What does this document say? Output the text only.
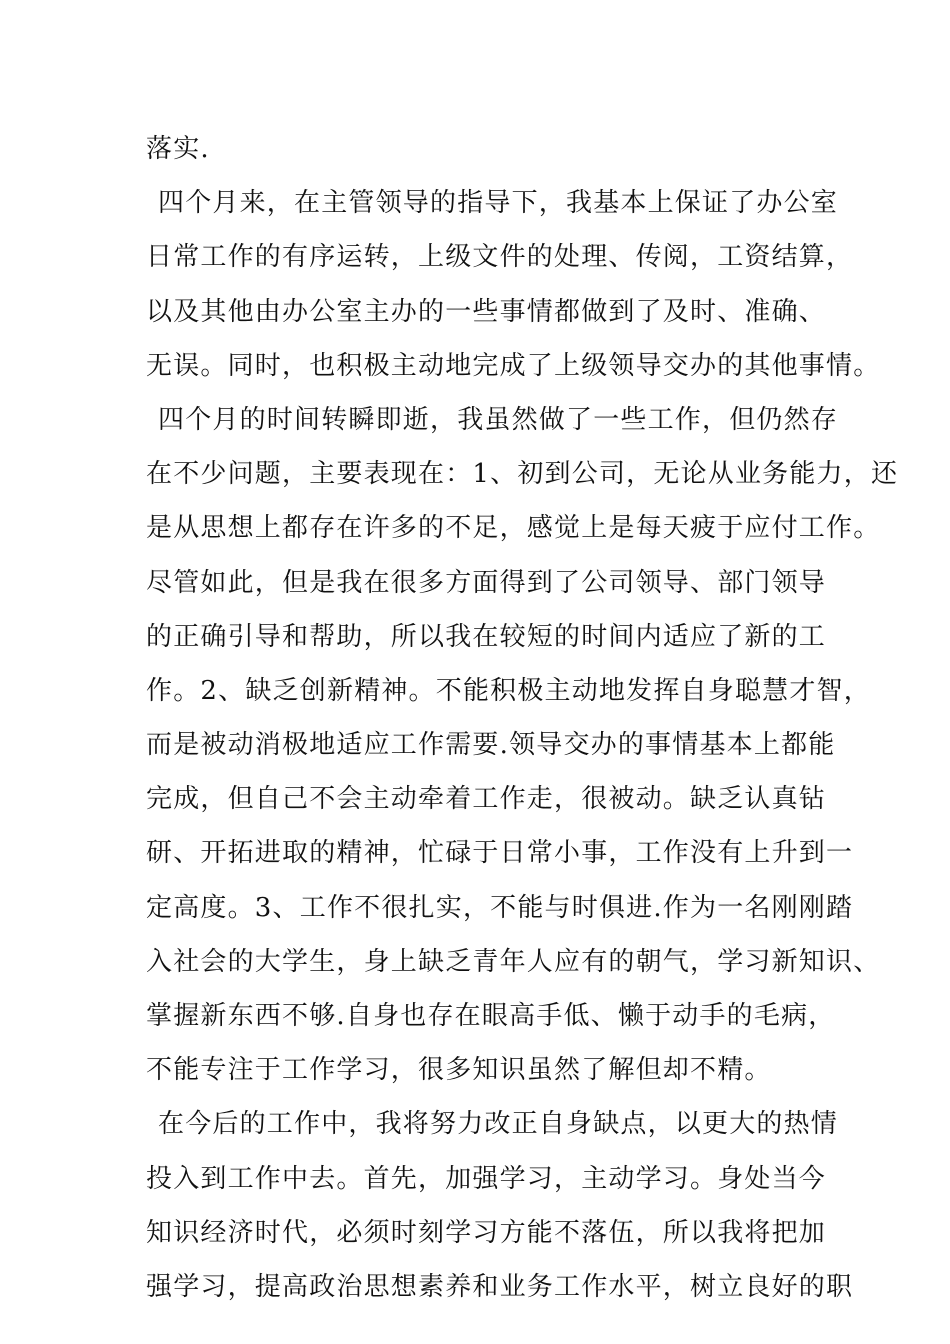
落实.
四个月来，在主管领导的指导下，我基本上保证了办公室
日常工作的有序运转，上级文件的处理、传阅，工资结算，
以及其他由办公室主办的一些事情都做到了及时、准确、
无误。同时，也积极主动地完成了上级领导交办的其他事情。
四个月的时间转瞬即逝，我虽然做了一些工作，但仍然存
在不少问题，主要表现在：1、初到公司，无论从业务能力，还
是从思想上都存在许多的不足，感觉上是每天疲于应付工作。
尽管如此，但是我在很多方面得到了公司领导、部门领导
的正确引导和帮助，所以我在较短的时间内适应了新的工
作。2、缺乏创新精神。不能积极主动地发挥自身聪慧才智，
而是被动消极地适应工作需要.领导交办的事情基本上都能
完成，但自己不会主动牵着工作走，很被动。缺乏认真钻
研、开拓进取的精神，忙碌于日常小事，工作没有上升到一
定高度。3、工作不很扎实，不能与时俱进.作为一名刚刚踏
入社会的大学生，身上缺乏青年人应有的朝气，学习新知识、
掌握新东西不够.自身也存在眼高手低、懒于动手的毛病，
不能专注于工作学习，很多知识虽然了解但却不精。
在今后的工作中，我将努力改正自身缺点，以更大的热情
投入到工作中去。首先，加强学习，主动学习。身处当今
知识经济时代，必须时刻学习方能不落伍，所以我将把加
强学习，提高政治思想素养和业务工作水平，树立良好的职
